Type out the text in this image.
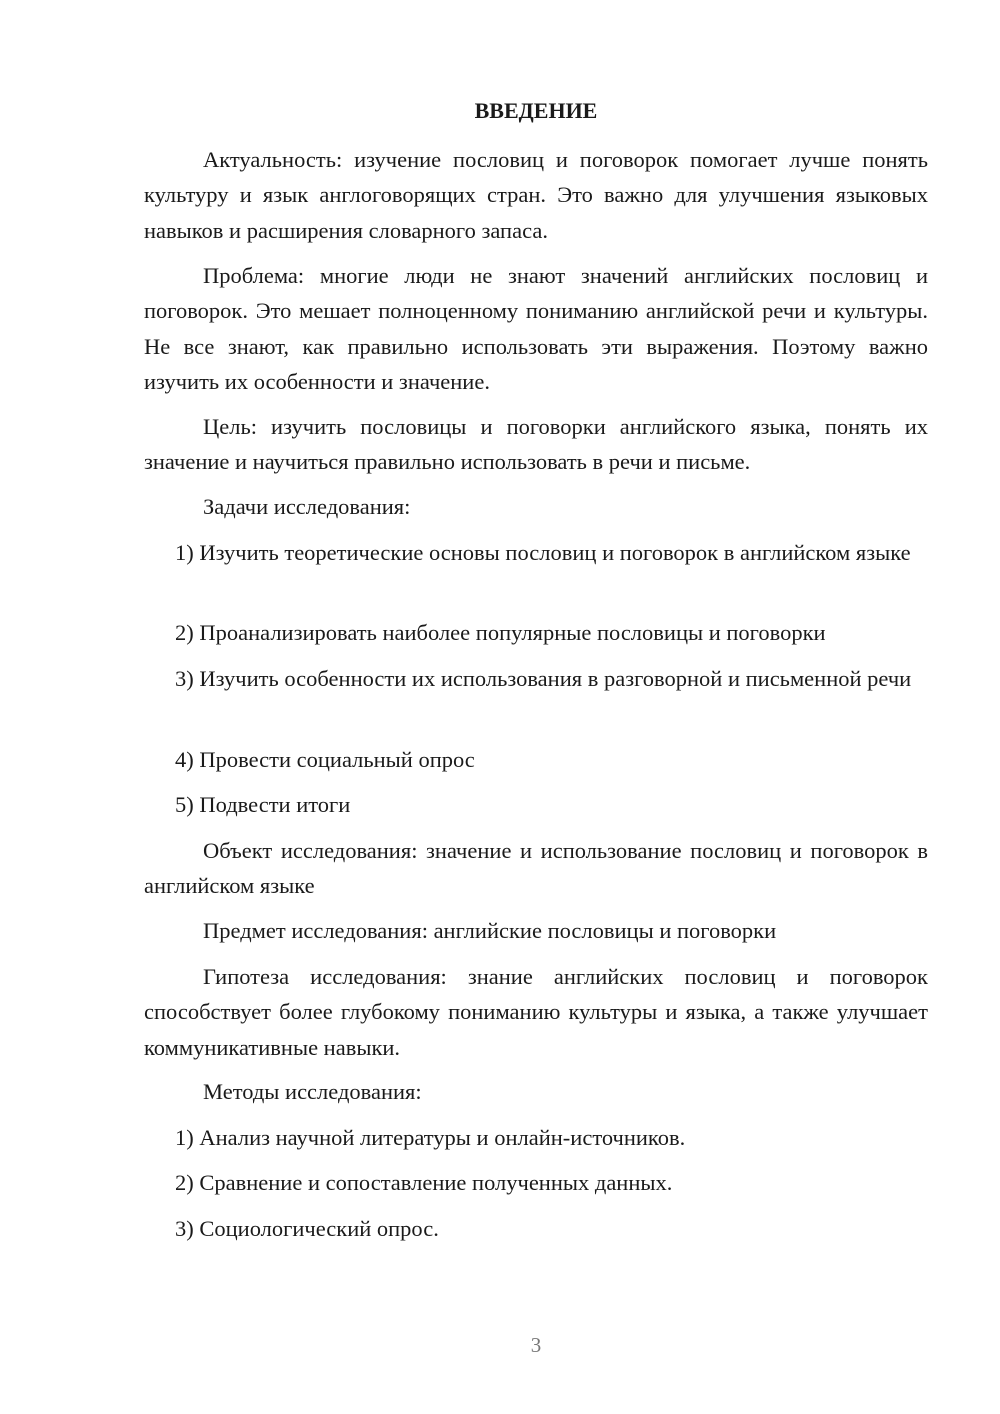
ВВЕДЕНИЕ

Актуальность: изучение пословиц и поговорок помогает лучше понять культуру и язык англоговорящих стран. Это важно для улучшения языковых навыков и расширения словарного запаса.

Проблема: многие люди не знают значений английских пословиц и поговорок. Это мешает полноценному пониманию английской речи и культуры. Не все знают, как правильно использовать эти выражения. Поэтому важно изучить их особенности и значение.

Цель: изучить пословицы и поговорки английского языка, понять их значение и научиться правильно использовать в речи и письме.

Задачи исследования:

1) Изучить теоретические основы пословиц и поговорок в английском языке

2) Проанализировать наиболее популярные пословицы и поговорки

3) Изучить особенности их использования в разговорной и письменной речи

4) Провести социальный опрос

5) Подвести итоги

Объект исследования: значение и использование пословиц и поговорок в английском языке

Предмет исследования: английские пословицы и поговорки

Гипотеза исследования: знание английских пословиц и поговорок способствует более глубокому пониманию культуры и языка, а также улучшает коммуникативные навыки.

Методы исследования:

1) Анализ научной литературы и онлайн-источников.

2) Сравнение и сопоставление полученных данных.

3) Социологический опрос.

3
